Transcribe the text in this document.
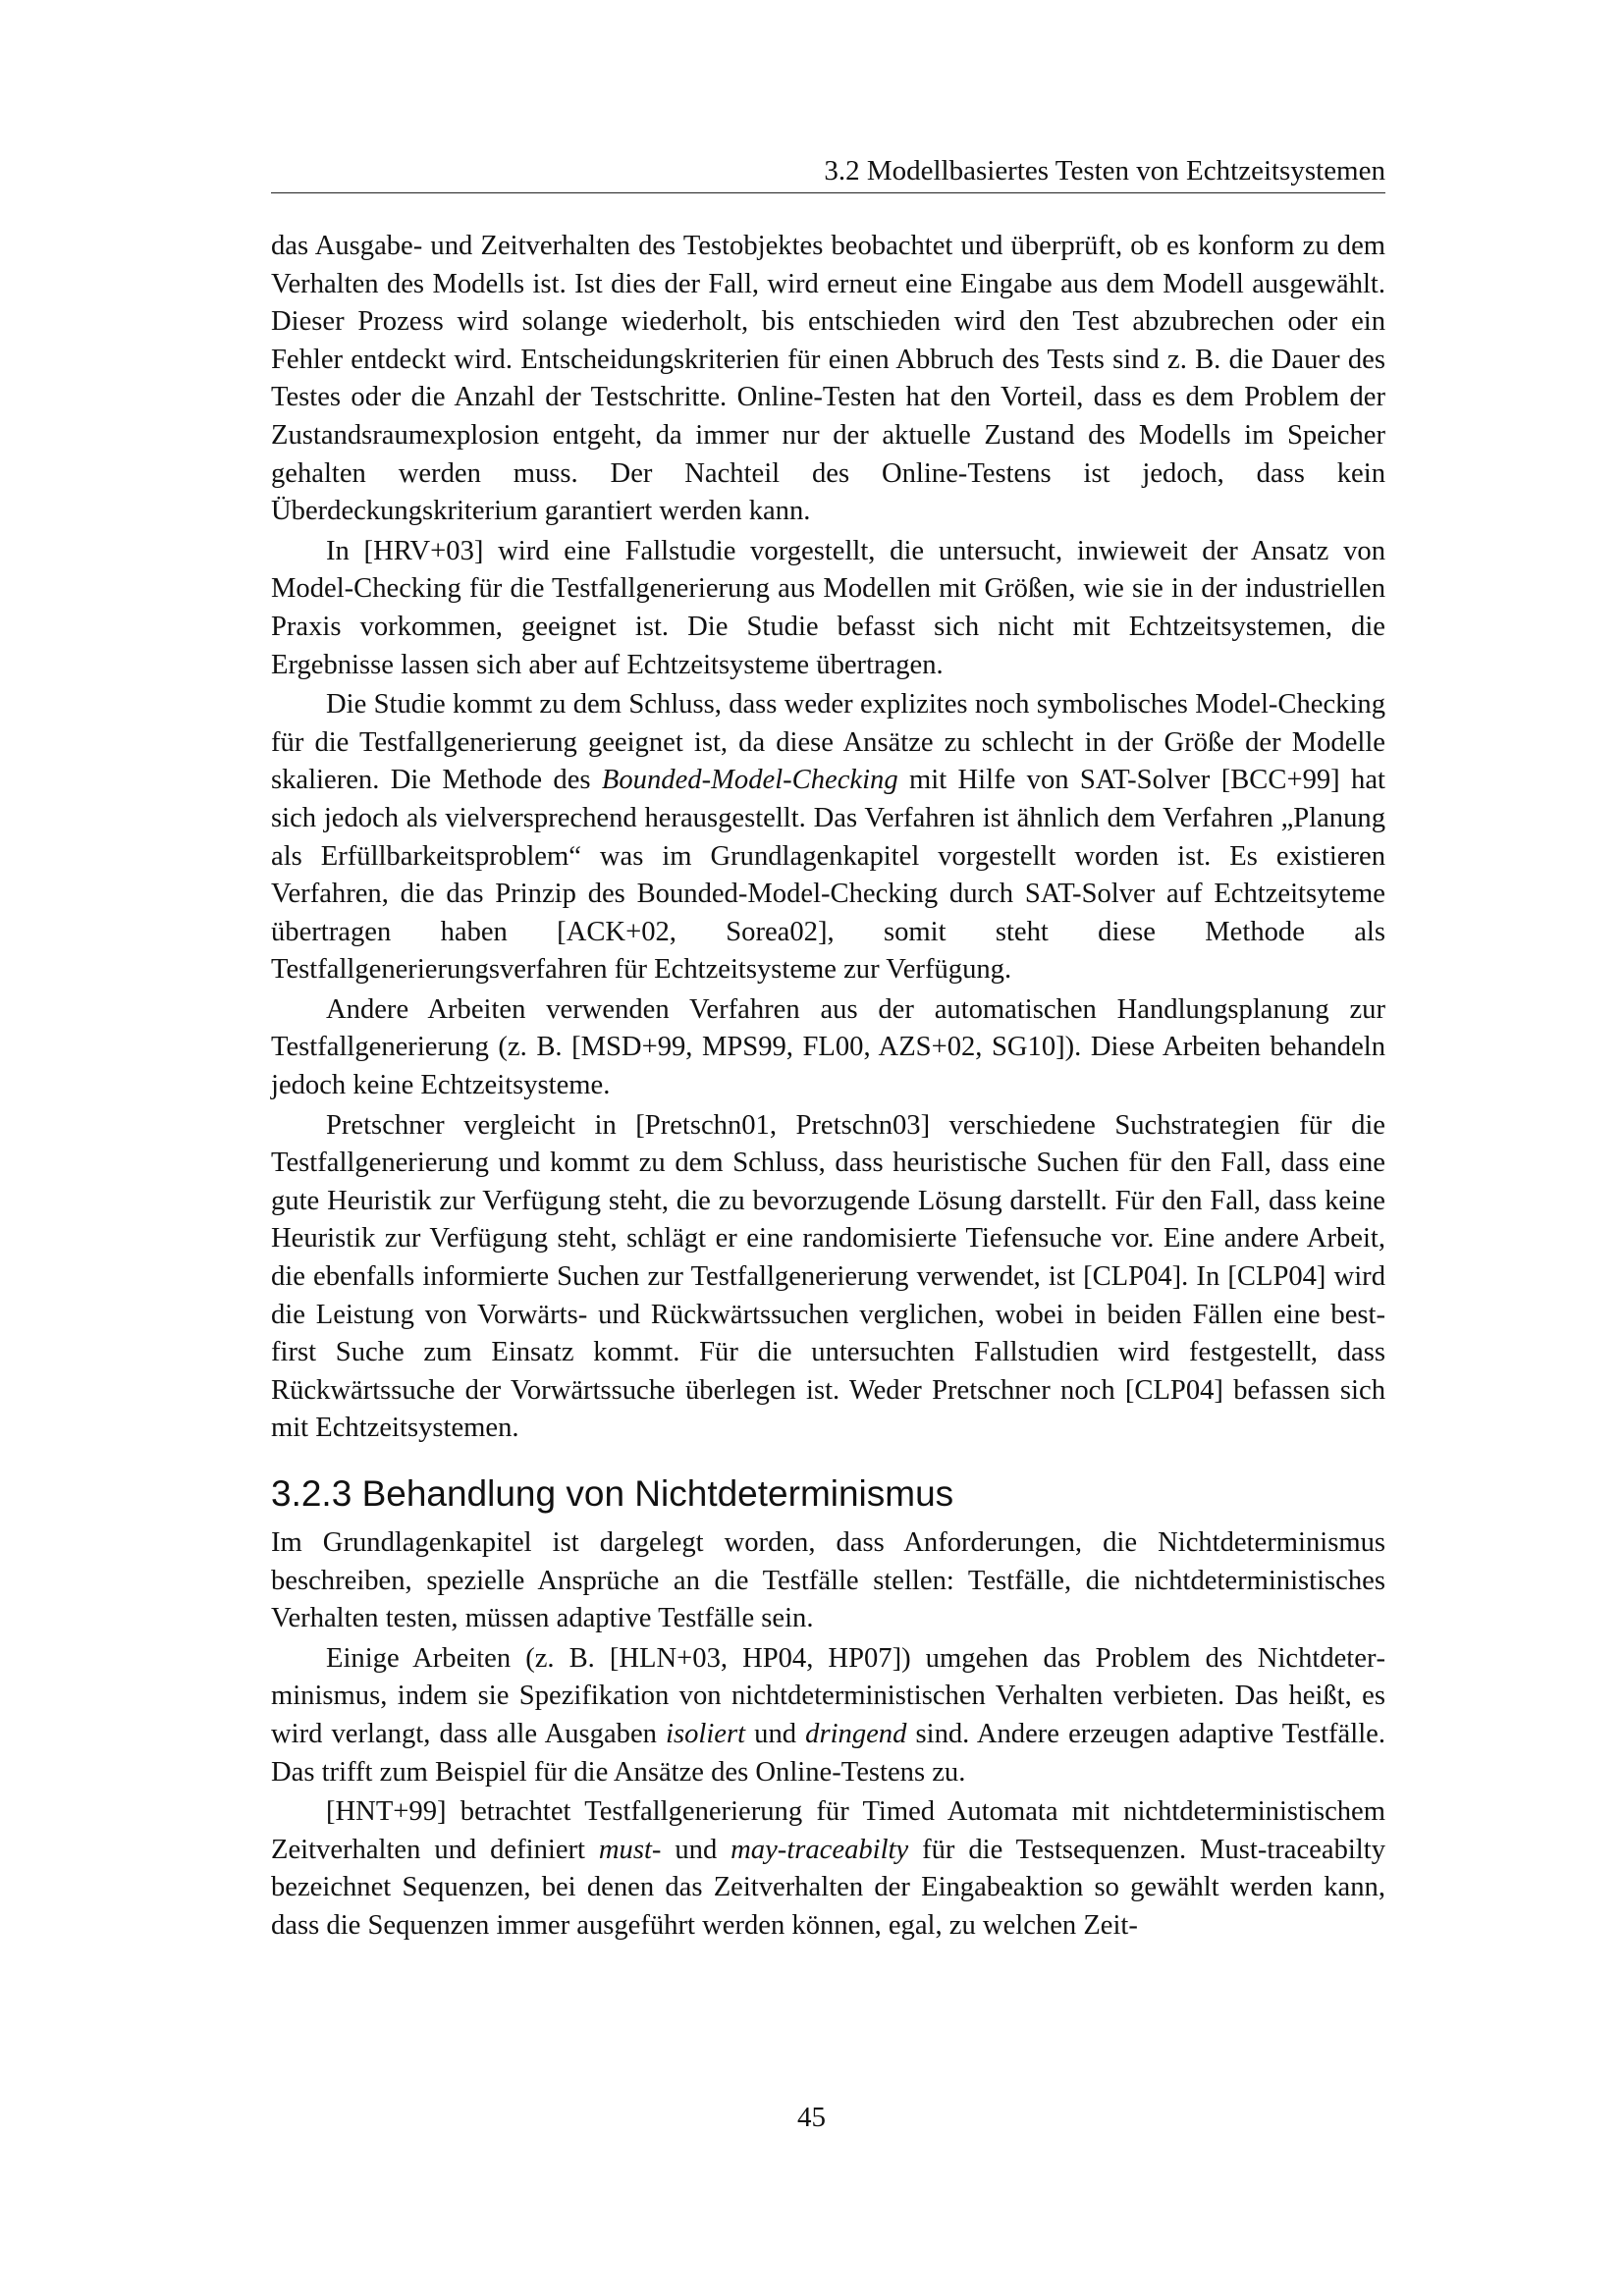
3.2 Modellbasiertes Testen von Echtzeitsystemen

das Ausgabe- und Zeitverhalten des Testobjektes beobachtet und überprüft, ob es konform zu dem Verhalten des Modells ist. Ist dies der Fall, wird erneut eine Eingabe aus dem Modell ausgewählt. Dieser Prozess wird solange wiederholt, bis entschieden wird den Test abzubrechen oder ein Fehler entdeckt wird. Entscheidungskriterien für einen Abbruch des Tests sind z. B. die Dauer des Testes oder die Anzahl der Testschritte. Online-Testen hat den Vorteil, dass es dem Problem der Zustandsraumexplosion entgeht, da immer nur der aktuelle Zustand des Modells im Speicher gehalten werden muss. Der Nachteil des Online-Testens ist jedoch, dass kein Überdeckungskriterium garantiert werden kann.

In [HRV+03] wird eine Fallstudie vorgestellt, die untersucht, inwieweit der Ansatz von Model-Checking für die Testfallgenerierung aus Modellen mit Größen, wie sie in der industriellen Praxis vorkommen, geeignet ist. Die Studie befasst sich nicht mit Echtzeitsystemen, die Ergebnisse lassen sich aber auf Echtzeitsysteme übertragen.

Die Studie kommt zu dem Schluss, dass weder explizites noch symbolisches Model-Checking für die Testfallgenerierung geeignet ist, da diese Ansätze zu schlecht in der Größe der Modelle skalieren. Die Methode des Bounded-Model-Checking mit Hilfe von SAT-Solver [BCC+99] hat sich jedoch als vielversprechend herausgestellt. Das Verfahren ist ähnlich dem Verfahren „Planung als Erfüllbarkeitsproblem“ was im Grundlagenkapitel vorgestellt worden ist. Es existieren Verfahren, die das Prinzip des Bounded-Model-Checking durch SAT-Solver auf Echtzeitsyteme übertragen haben [ACK+02, Sorea02], somit steht diese Methode als Testfallgenerierungsverfahren für Echtzeitsysteme zur Verfügung.

Andere Arbeiten verwenden Verfahren aus der automatischen Handlungsplanung zur Testfallgenerierung (z. B. [MSD+99, MPS99, FL00, AZS+02, SG10]). Diese Arbeiten behandeln jedoch keine Echtzeitsysteme.

Pretschner vergleicht in [Pretschn01, Pretschn03] verschiedene Suchstrategien für die Testfallgenerierung und kommt zu dem Schluss, dass heuristische Suchen für den Fall, dass eine gute Heuristik zur Verfügung steht, die zu bevorzugende Lösung darstellt. Für den Fall, dass keine Heuristik zur Verfügung steht, schlägt er eine randomisierte Tiefensuche vor. Eine andere Arbeit, die ebenfalls informierte Suchen zur Testfallgenerierung verwendet, ist [CLP04]. In [CLP04] wird die Leistung von Vorwärts- und Rückwärtssuchen verglichen, wobei in beiden Fällen eine best-first Suche zum Einsatz kommt. Für die untersuchten Fallstudien wird festgestellt, dass Rückwärtssuche der Vorwärtssuche überlegen ist. Weder Pretschner noch [CLP04] befassen sich mit Echtzeitsystemen.

3.2.3 Behandlung von Nichtdeterminismus

Im Grundlagenkapitel ist dargelegt worden, dass Anforderungen, die Nichtdeterminismus beschreiben, spezielle Ansprüche an die Testfälle stellen: Testfälle, die nichtdeterministisches Verhalten testen, müssen adaptive Testfälle sein.

Einige Arbeiten (z. B. [HLN+03, HP04, HP07]) umgehen das Problem des Nichtdeterminismus, indem sie Spezifikation von nichtdeterministischen Verhalten verbieten. Das heißt, es wird verlangt, dass alle Ausgaben isoliert und dringend sind. Andere erzeugen adaptive Testfälle. Das trifft zum Beispiel für die Ansätze des Online-Testens zu.

[HNT+99] betrachtet Testfallgenerierung für Timed Automata mit nichtdeterministischem Zeitverhalten und definiert must- und may-traceabilty für die Testsequenzen. Must-traceabilty bezeichnet Sequenzen, bei denen das Zeitverhalten der Eingabeaktion so gewählt werden kann, dass die Sequenzen immer ausgeführt werden können, egal, zu welchen Zeit-

45
